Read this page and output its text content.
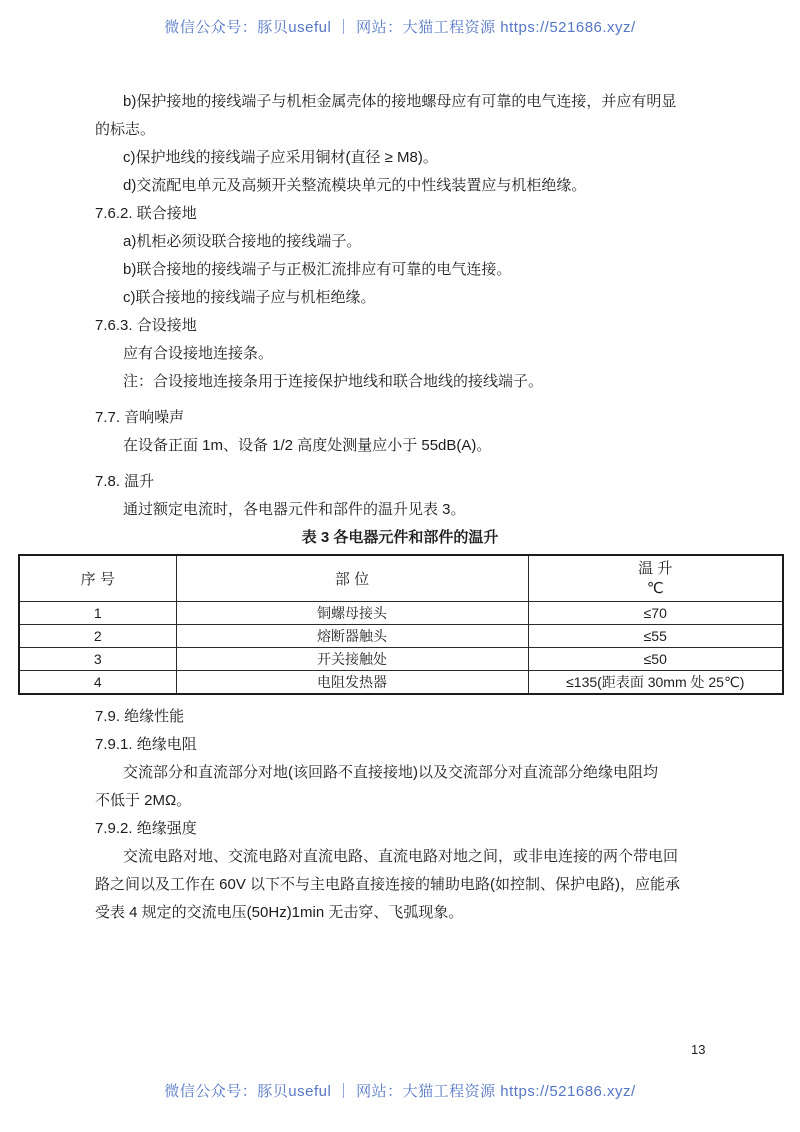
微信公众号：豚贝useful ｜ 网站：大猫工程资源 https://521686.xyz/
b)保护接地的接线端子与机柜金属壳体的接地螺母应有可靠的电气连接，并应有明显
的标志。
c)保护地线的接线端子应采用铜材(直径 ≥ M8)。
d)交流配电单元及高频开关整流模块单元的中性线装置应与机柜绝缘。
7.6.2. 联合接地
a)机柜必须设联合接地的接线端子。
b)联合接地的接线端子与正极汇流排应有可靠的电气连接。
c)联合接地的接线端子应与机柜绝缘。
7.6.3. 合设接地
应有合设接地连接条。
注：合设接地连接条用于连接保护地线和联合地线的接线端子。
7.7. 音响噪声
在设备正面 1m、设备 1/2 高度处测量应小于 55dB(A)。
7.8. 温升
通过额定电流时，各电器元件和部件的温升见表 3。
表 3 各电器元件和部件的温升
序 号	部 位	温 升
℃

1	铜螺母接头	≤70
2	熔断器触头	≤55
3	开关接触处	≤50
4	电阻发热器	≤135(距表面 30mm 处 25℃)
7.9. 绝缘性能
7.9.1. 绝缘电阻
交流部分和直流部分对地(该回路不直接接地)以及交流部分对直流部分绝缘电阻均
不低于 2MΩ。
7.9.2. 绝缘强度
交流电路对地、交流电路对直流电路、直流电路对地之间，或非电连接的两个带电回
路之间以及工作在 60V 以下不与主电路直接连接的辅助电路(如控制、保护电路)，应能承
受表 4 规定的交流电压(50Hz)1min 无击穿、飞弧现象。
13
微信公众号：豚贝useful ｜ 网站：大猫工程资源 https://521686.xyz/
